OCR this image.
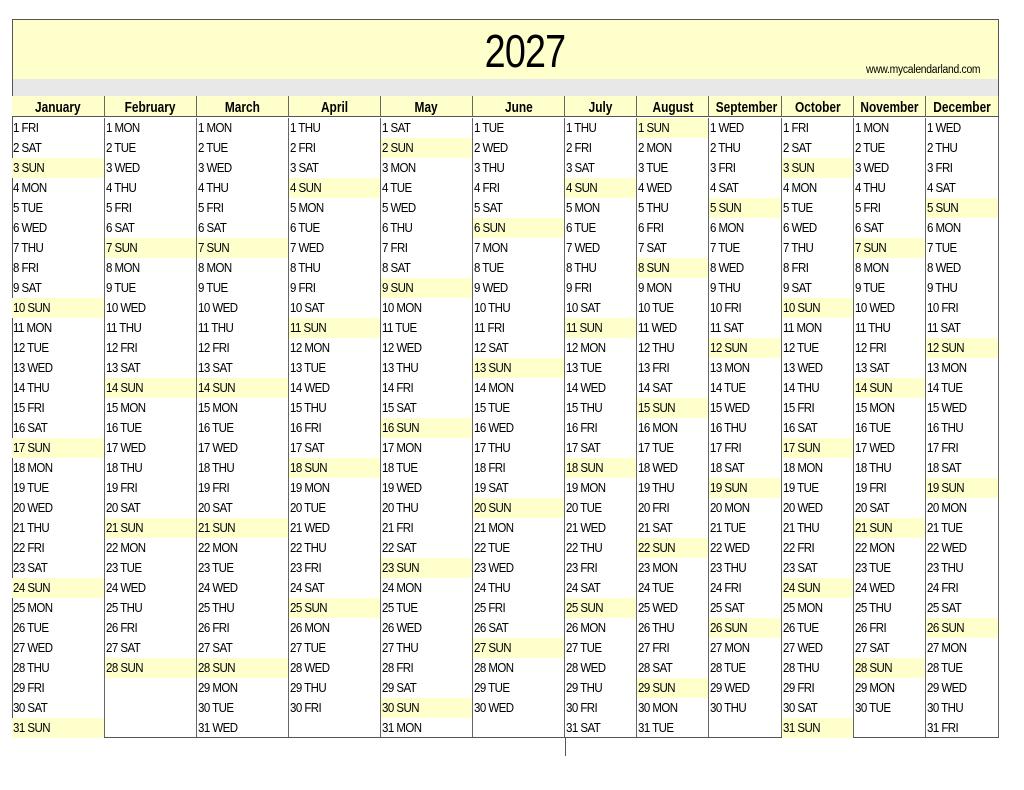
2027	www.mycalendarland.com
January
1 FRI
2 SAT
3 SUN
4 MON
5 TUE
6 WED
7 THU
8 FRI
9 SAT
10 SUN
11 MON
12 TUE
13 WED
14 THU
15 FRI
16 SAT
17 SUN
18 MON
19 TUE
20 WED
21 THU
22 FRI
23 SAT
24 SUN
25 MON
26 TUE
27 WED
28 THU
29 FRI
30 SAT
31 SUN
February
1 MON
2 TUE
3 WED
4 THU
5 FRI
6 SAT
7 SUN
8 MON
9 TUE
10 WED
11 THU
12 FRI
13 SAT
14 SUN
15 MON
16 TUE
17 WED
18 THU
19 FRI
20 SAT
21 SUN
22 MON
23 TUE
24 WED
25 THU
26 FRI
27 SAT
28 SUN
March
1 MON
2 TUE
3 WED
4 THU
5 FRI
6 SAT
7 SUN
8 MON
9 TUE
10 WED
11 THU
12 FRI
13 SAT
14 SUN
15 MON
16 TUE
17 WED
18 THU
19 FRI
20 SAT
21 SUN
22 MON
23 TUE
24 WED
25 THU
26 FRI
27 SAT
28 SUN
29 MON
30 TUE
31 WED
April
1 THU
2 FRI
3 SAT
4 SUN
5 MON
6 TUE
7 WED
8 THU
9 FRI
10 SAT
11 SUN
12 MON
13 TUE
14 WED
15 THU
16 FRI
17 SAT
18 SUN
19 MON
20 TUE
21 WED
22 THU
23 FRI
24 SAT
25 SUN
26 MON
27 TUE
28 WED
29 THU
30 FRI
May
1 SAT
2 SUN
3 MON
4 TUE
5 WED
6 THU
7 FRI
8 SAT
9 SUN
10 MON
11 TUE
12 WED
13 THU
14 FRI
15 SAT
16 SUN
17 MON
18 TUE
19 WED
20 THU
21 FRI
22 SAT
23 SUN
24 MON
25 TUE
26 WED
27 THU
28 FRI
29 SAT
30 SUN
31 MON
June
1 TUE
2 WED
3 THU
4 FRI
5 SAT
6 SUN
7 MON
8 TUE
9 WED
10 THU
11 FRI
12 SAT
13 SUN
14 MON
15 TUE
16 WED
17 THU
18 FRI
19 SAT
20 SUN
21 MON
22 TUE
23 WED
24 THU
25 FRI
26 SAT
27 SUN
28 MON
29 TUE
30 WED
July
1 THU
2 FRI
3 SAT
4 SUN
5 MON
6 TUE
7 WED
8 THU
9 FRI
10 SAT
11 SUN
12 MON
13 TUE
14 WED
15 THU
16 FRI
17 SAT
18 SUN
19 MON
20 TUE
21 WED
22 THU
23 FRI
24 SAT
25 SUN
26 MON
27 TUE
28 WED
29 THU
30 FRI
31 SAT
August
1 SUN
2 MON
3 TUE
4 WED
5 THU
6 FRI
7 SAT
8 SUN
9 MON
10 TUE
11 WED
12 THU
13 FRI
14 SAT
15 SUN
16 MON
17 TUE
18 WED
19 THU
20 FRI
21 SAT
22 SUN
23 MON
24 TUE
25 WED
26 THU
27 FRI
28 SAT
29 SUN
30 MON
31 TUE
September
1 WED
2 THU
3 FRI
4 SAT
5 SUN
6 MON
7 TUE
8 WED
9 THU
10 FRI
11 SAT
12 SUN
13 MON
14 TUE
15 WED
16 THU
17 FRI
18 SAT
19 SUN
20 MON
21 TUE
22 WED
23 THU
24 FRI
25 SAT
26 SUN
27 MON
28 TUE
29 WED
30 THU
October
1 FRI
2 SAT
3 SUN
4 MON
5 TUE
6 WED
7 THU
8 FRI
9 SAT
10 SUN
11 MON
12 TUE
13 WED
14 THU
15 FRI
16 SAT
17 SUN
18 MON
19 TUE
20 WED
21 THU
22 FRI
23 SAT
24 SUN
25 MON
26 TUE
27 WED
28 THU
29 FRI
30 SAT
31 SUN
November
1 MON
2 TUE
3 WED
4 THU
5 FRI
6 SAT
7 SUN
8 MON
9 TUE
10 WED
11 THU
12 FRI
13 SAT
14 SUN
15 MON
16 TUE
17 WED
18 THU
19 FRI
20 SAT
21 SUN
22 MON
23 TUE
24 WED
25 THU
26 FRI
27 SAT
28 SUN
29 MON
30 TUE
December
1 WED
2 THU
3 FRI
4 SAT
5 SUN
6 MON
7 TUE
8 WED
9 THU
10 FRI
11 SAT
12 SUN
13 MON
14 TUE
15 WED
16 THU
17 FRI
18 SAT
19 SUN
20 MON
21 TUE
22 WED
23 THU
24 FRI
25 SAT
26 SUN
27 MON
28 TUE
29 WED
30 THU
31 FRI
